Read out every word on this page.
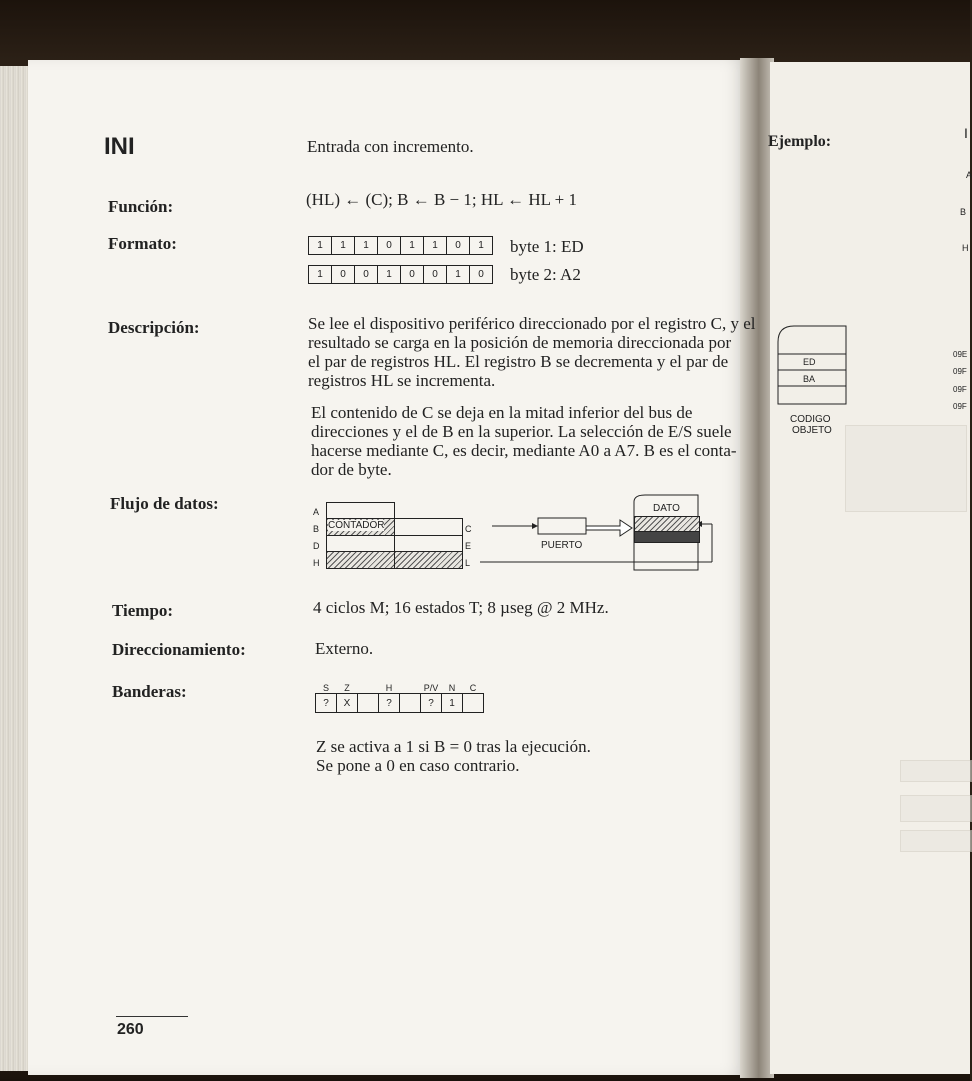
INI	Entrada con incremento.
Función:	(HL) ← (C); B ← B − 1; HL ← HL + 1
Formato:	1	1	1	0	1	1	0	1 byte 1: ED
1	0	0	1	0	0	1	0 byte 2: A2
Descripción:	Se lee el dispositivo periférico direccionado por el registro C, y el
resultado se carga en la posición de memoria direccionada por
el par de registros HL. El registro B se decrementa y el par de
registros HL se incrementa.
El contenido de C se deja en la mitad inferior del bus de
direcciones y el de B en la superior. La selección de E/S suele
hacerse mediante C, es decir, mediante A0 a A7. B es el conta-
dor de byte.
Flujo de datos:	A
B
D
H
CONTADOR	C
E
L
DATO
PUERTO
Tiempo:	4 ciclos M; 16 estados T; 8 µseg @ 2 MHz.
Direccionamiento:	Externo.
Banderas:	S	Z		H		P/V	N	C
?	X		?		?	1	
Z se activa a 1 si B = 0 tras la ejecución.
Se pone a 0 en caso contrario.
260
Ejemplo:	I
A
B
H
ED
BA
CODIGO
OBJETO
09E
09F
09F
09F
